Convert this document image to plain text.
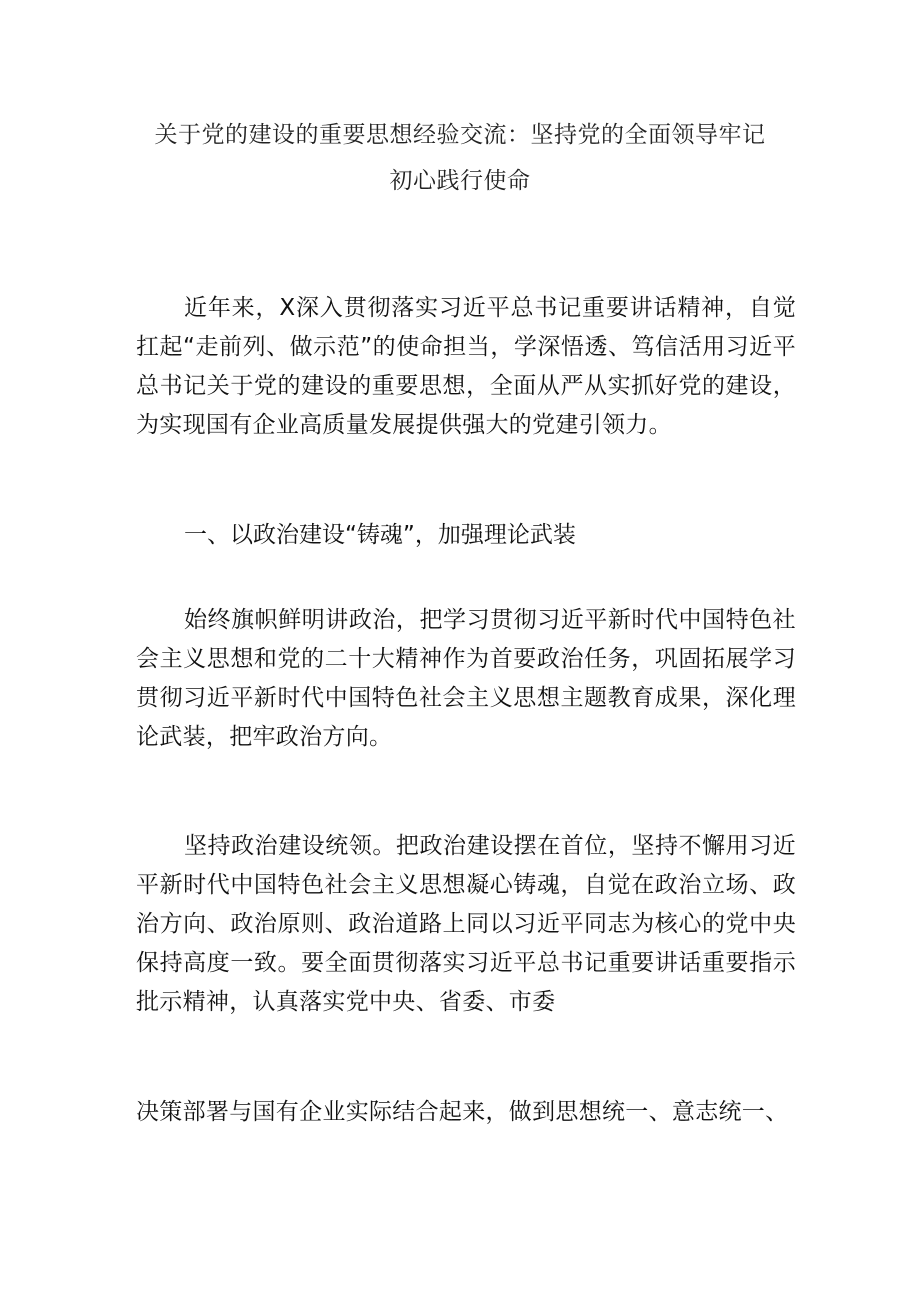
关于党的建设的重要思想经验交流：坚持党的全面领导牢记
初心践行使命

近年来，X深入贯彻落实习近平总书记重要讲话精神，自觉扛起“走前列、做示范”的使命担当，学深悟透、笃信活用习近平总书记关于党的建设的重要思想，全面从严从实抓好党的建设，为实现国有企业高质量发展提供强大的党建引领力。

一、以政治建设“铸魂”，加强理论武装

始终旗帜鲜明讲政治，把学习贯彻习近平新时代中国特色社会主义思想和党的二十大精神作为首要政治任务，巩固拓展学习贯彻习近平新时代中国特色社会主义思想主题教育成果，深化理论武装，把牢政治方向。

坚持政治建设统领。把政治建设摆在首位，坚持不懈用习近平新时代中国特色社会主义思想凝心铸魂，自觉在政治立场、政治方向、政治原则、政治道路上同以习近平同志为核心的党中央保持高度一致。要全面贯彻落实习近平总书记重要讲话重要指示批示精神，认真落实党中央、省委、市委

决策部署与国有企业实际结合起来，做到思想统一、意志统一、
